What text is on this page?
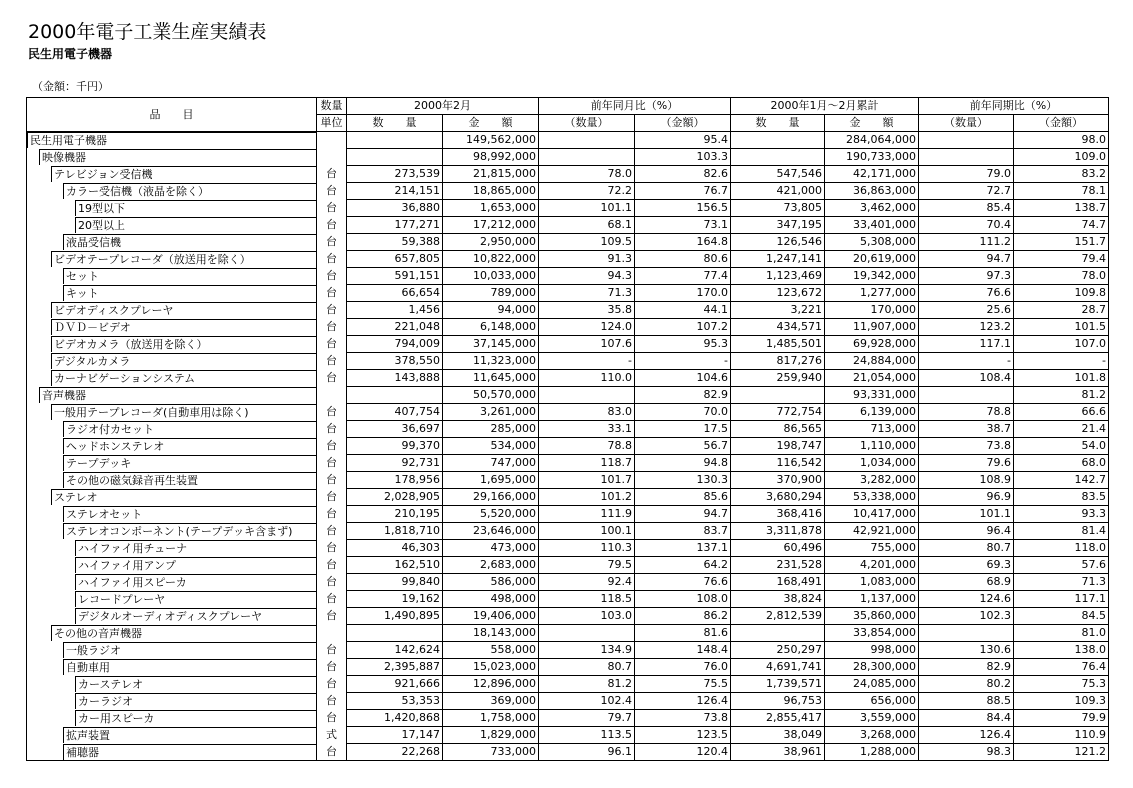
2000年電子工業生産実績表
民生用電子機器
（金額：千円）
品　　目	数量	2000年2月		前年同月比（%）		2000年1月～2月累計		前年同期比（%）	
	単位	数　　量	金　　額	（数量）	（金額）	数　　量	金　　額	（数量）	（金額）

民生用電子機器			149,562,000		95.4		284,064,000		98.0

映像機器			98,992,000		103.3		190,733,000		109.0

テレビジョン受信機	台	273,539	21,815,000	78.0	82.6	547,546	42,171,000	79.0	83.2

カラー受信機（液晶を除く）	台	214,151	18,865,000	72.2	76.7	421,000	36,863,000	72.7	78.1

19型以下	台	36,880	1,653,000	101.1	156.5	73,805	3,462,000	85.4	138.7

20型以上	台	177,271	17,212,000	68.1	73.1	347,195	33,401,000	70.4	74.7

液晶受信機	台	59,388	2,950,000	109.5	164.8	126,546	5,308,000	111.2	151.7

ビデオテープレコーダ（放送用を除く）	台	657,805	10,822,000	91.3	80.6	1,247,141	20,619,000	94.7	79.4

セット	台	591,151	10,033,000	94.3	77.4	1,123,469	19,342,000	97.3	78.0

キット	台	66,654	789,000	71.3	170.0	123,672	1,277,000	76.6	109.8

ビデオディスクプレーヤ	台	1,456	94,000	35.8	44.1	3,221	170,000	25.6	28.7

ＤＶＤ－ビデオ	台	221,048	6,148,000	124.0	107.2	434,571	11,907,000	123.2	101.5

ビデオカメラ（放送用を除く）	台	794,009	37,145,000	107.6	95.3	1,485,501	69,928,000	117.1	107.0

デジタルカメラ	台	378,550	11,323,000	-	-	817,276	24,884,000	-	-

カーナビゲーションシステム	台	143,888	11,645,000	110.0	104.6	259,940	21,054,000	108.4	101.8

音声機器			50,570,000		82.9		93,331,000		81.2

一般用テープレコーダ(自動車用は除く)	台	407,754	3,261,000	83.0	70.0	772,754	6,139,000	78.8	66.6

ラジオ付カセット	台	36,697	285,000	33.1	17.5	86,565	713,000	38.7	21.4

ヘッドホンステレオ	台	99,370	534,000	78.8	56.7	198,747	1,110,000	73.8	54.0

テープデッキ	台	92,731	747,000	118.7	94.8	116,542	1,034,000	79.6	68.0

その他の磁気録音再生装置	台	178,956	1,695,000	101.7	130.3	370,900	3,282,000	108.9	142.7

ステレオ	台	2,028,905	29,166,000	101.2	85.6	3,680,294	53,338,000	96.9	83.5

ステレオセット	台	210,195	5,520,000	111.9	94.7	368,416	10,417,000	101.1	93.3

ステレオコンポーネント(テープデッキ含まず)	台	1,818,710	23,646,000	100.1	83.7	3,311,878	42,921,000	96.4	81.4

ハイファイ用チューナ	台	46,303	473,000	110.3	137.1	60,496	755,000	80.7	118.0

ハイファイ用アンプ	台	162,510	2,683,000	79.5	64.2	231,528	4,201,000	69.3	57.6

ハイファイ用スピーカ	台	99,840	586,000	92.4	76.6	168,491	1,083,000	68.9	71.3

レコードプレーヤ	台	19,162	498,000	118.5	108.0	38,824	1,137,000	124.6	117.1

デジタルオーディオディスクプレーヤ	台	1,490,895	19,406,000	103.0	86.2	2,812,539	35,860,000	102.3	84.5

その他の音声機器			18,143,000		81.6		33,854,000		81.0

一般ラジオ	台	142,624	558,000	134.9	148.4	250,297	998,000	130.6	138.0

自動車用	台	2,395,887	15,023,000	80.7	76.0	4,691,741	28,300,000	82.9	76.4

カーステレオ	台	921,666	12,896,000	81.2	75.5	1,739,571	24,085,000	80.2	75.3

カーラジオ	台	53,353	369,000	102.4	126.4	96,753	656,000	88.5	109.3

カー用スピーカ	台	1,420,868	1,758,000	79.7	73.8	2,855,417	3,559,000	84.4	79.9

拡声装置	式	17,147	1,829,000	113.5	123.5	38,049	3,268,000	126.4	110.9

補聴器	台	22,268	733,000	96.1	120.4	38,961	1,288,000	98.3	121.2
